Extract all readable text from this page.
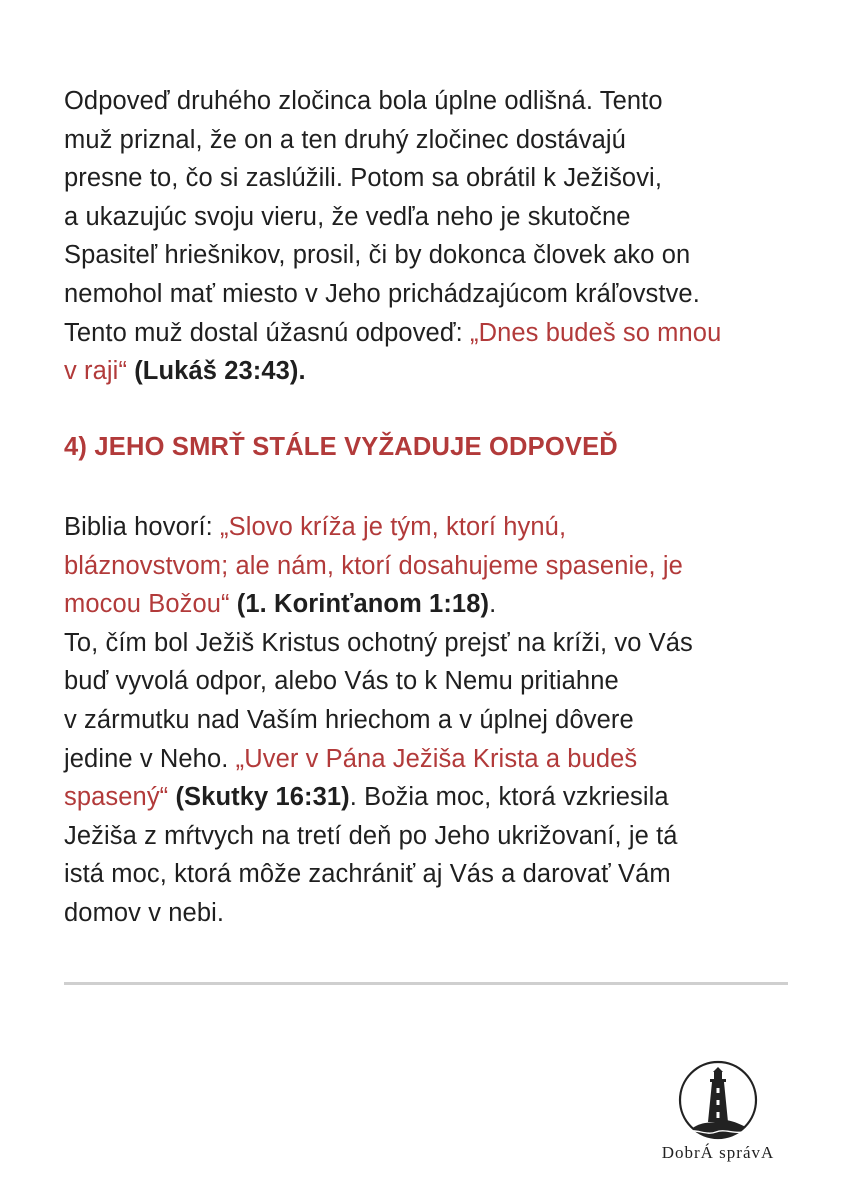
Odpoveď druhého zločinca bola úplne odlišná. Tento
muž priznal, že on a ten druhý zločinec dostávajú
presne to, čo si zaslúžili. Potom sa obrátil k Ježišovi,
a ukazujúc svoju vieru, že vedľa neho je skutočne
Spasiteľ hriešnikov, prosil, či by dokonca človek ako on
nemohol mať miesto v Jeho prichádzajúcom kráľovstve.
Tento muž dostal úžasnú odpoveď: „Dnes budeš so mnou
v raji“ (Lukáš 23:43).

4) JEHO SMRŤ STÁLE VYŽADUJE ODPOVEĎ

Biblia hovorí: „Slovo kríža je tým, ktorí hynú,
bláznovstvom; ale nám, ktorí dosahujeme spasenie, je
mocou Božou“ (1. Korinťanom 1:18).
To, čím bol Ježiš Kristus ochotný prejsť na kríži, vo Vás
buď vyvolá odpor, alebo Vás to k Nemu pritiahne
v zármutku nad Vaším hriechom a v úplnej dôvere
jedine v Neho. „Uver v Pána Ježiša Krista a budeš
spasený“ (Skutky 16:31). Božia moc, ktorá vzkriesila
Ježiša z mŕtvych na tretí deň po Jeho ukrižovaní, je tá
istá moc, ktorá môže zachrániť aj Vás a darovať Vám
domov v nebi.

DobrÁ správA
